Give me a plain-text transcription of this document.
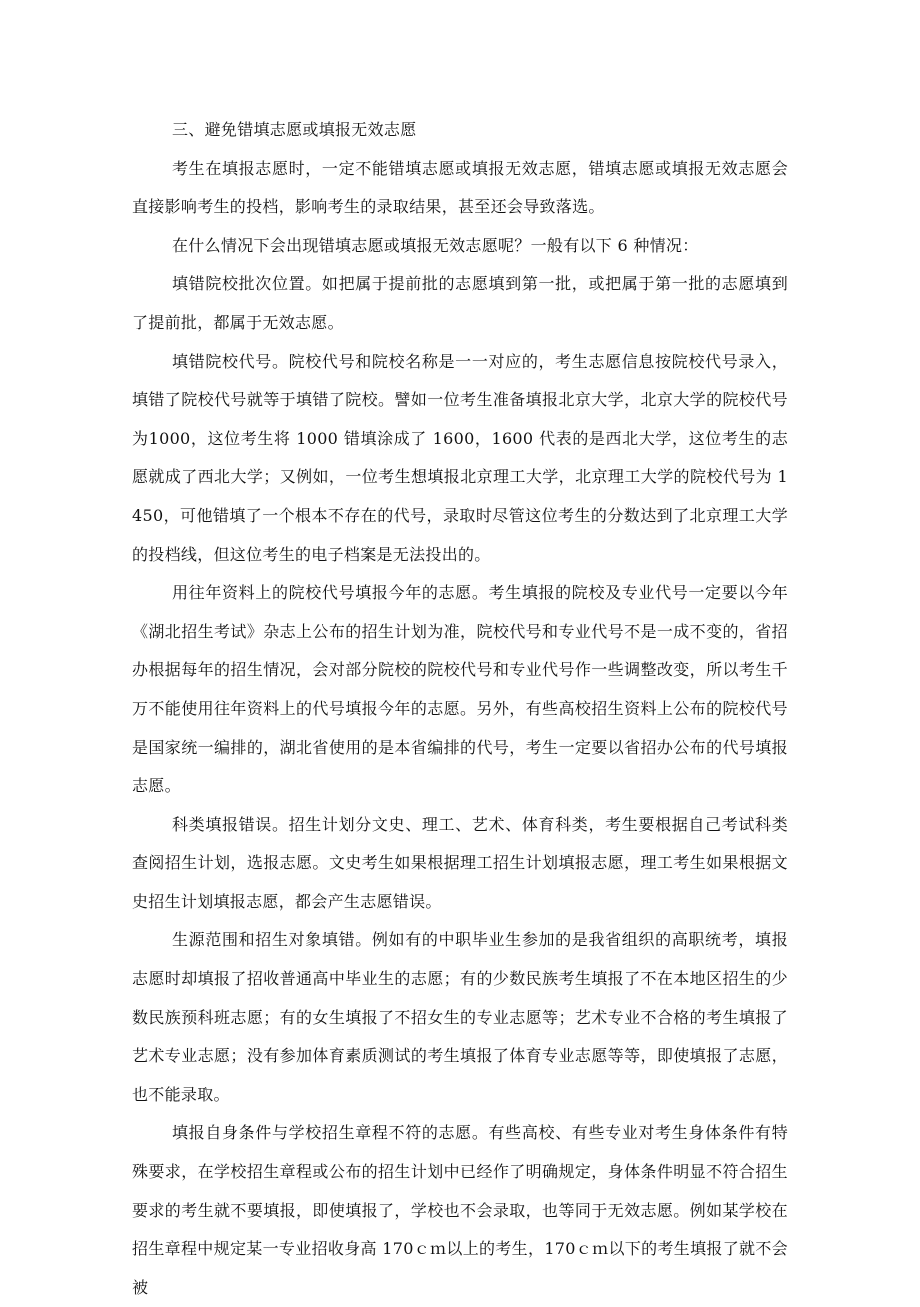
三、避免错填志愿或填报无效志愿

考生在填报志愿时，一定不能错填志愿或填报无效志愿，错填志愿或填报无效志愿会直接影响考生的投档，影响考生的录取结果，甚至还会导致落选。

在什么情况下会出现错填志愿或填报无效志愿呢？一般有以下 6 种情况：

填错院校批次位置。如把属于提前批的志愿填到第一批，或把属于第一批的志愿填到了提前批，都属于无效志愿。

填错院校代号。院校代号和院校名称是一一对应的，考生志愿信息按院校代号录入，填错了院校代号就等于填错了院校。譬如一位考生准备填报北京大学，北京大学的院校代号为1000，这位考生将 1000 错填涂成了 1600，1600 代表的是西北大学，这位考生的志愿就成了西北大学；又例如，一位考生想填报北京理工大学，北京理工大学的院校代号为 1450，可他错填了一个根本不存在的代号，录取时尽管这位考生的分数达到了北京理工大学的投档线，但这位考生的电子档案是无法投出的。

用往年资料上的院校代号填报今年的志愿。考生填报的院校及专业代号一定要以今年《湖北招生考试》杂志上公布的招生计划为准，院校代号和专业代号不是一成不变的，省招办根据每年的招生情况，会对部分院校的院校代号和专业代号作一些调整改变，所以考生千万不能使用往年资料上的代号填报今年的志愿。另外，有些高校招生资料上公布的院校代号是国家统一编排的，湖北省使用的是本省编排的代号，考生一定要以省招办公布的代号填报志愿。

科类填报错误。招生计划分文史、理工、艺术、体育科类，考生要根据自己考试科类查阅招生计划，选报志愿。文史考生如果根据理工招生计划填报志愿，理工考生如果根据文史招生计划填报志愿，都会产生志愿错误。

生源范围和招生对象填错。例如有的中职毕业生参加的是我省组织的高职统考，填报志愿时却填报了招收普通高中毕业生的志愿；有的少数民族考生填报了不在本地区招生的少数民族预科班志愿；有的女生填报了不招女生的专业志愿等；艺术专业不合格的考生填报了艺术专业志愿；没有参加体育素质测试的考生填报了体育专业志愿等等，即使填报了志愿，也不能录取。

填报自身条件与学校招生章程不符的志愿。有些高校、有些专业对考生身体条件有特殊要求，在学校招生章程或公布的招生计划中已经作了明确规定，身体条件明显不符合招生要求的考生就不要填报，即使填报了，学校也不会录取，也等同于无效志愿。例如某学校在招生章程中规定某一专业招收身高 170ｃｍ以上的考生，170ｃｍ以下的考生填报了就不会被
